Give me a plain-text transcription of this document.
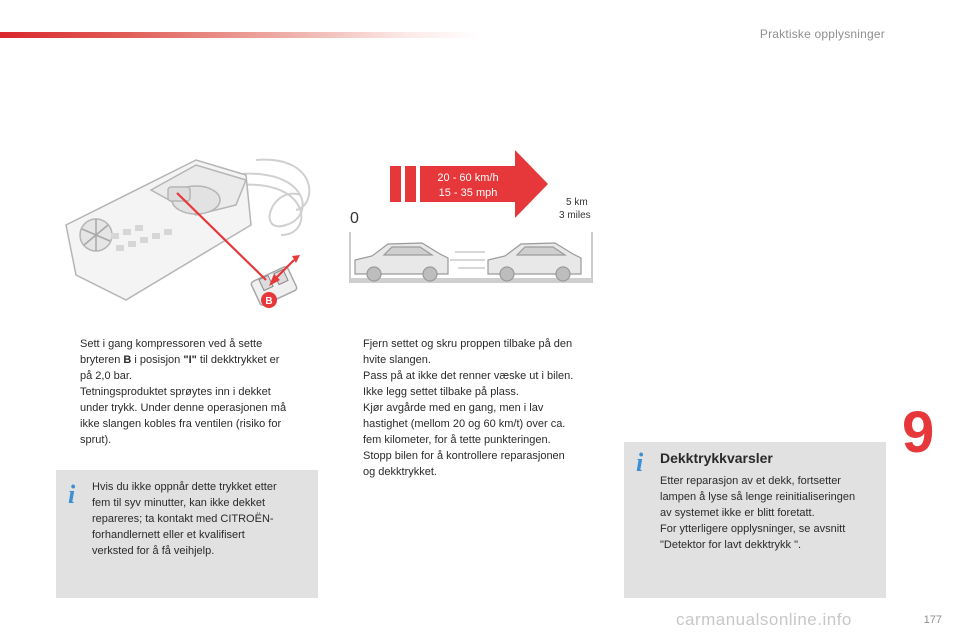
Praktiske opplysninger
B
20 - 60 km/h
15 - 35 mph
0
5 km
3 miles
Sett i gang kompressoren ved å sette
bryteren B i posisjon "I" til dekktrykket er
på 2,0 bar.
Tetningsproduktet sprøytes inn i dekket
under trykk. Under denne operasjonen må
ikke slangen kobles fra ventilen (risiko for
sprut).
i Hvis du ikke oppnår dette trykket etter
fem til syv minutter, kan ikke dekket
repareres; ta kontakt med CITROËN-
forhandlernett eller et kvalifisert
verksted for å få veihjelp.
Fjern settet og skru proppen tilbake på den
hvite slangen.
Pass på at ikke det renner væske ut i bilen.
Ikke legg settet tilbake på plass.
Kjør avgårde med en gang, men i lav
hastighet (mellom 20 og 60 km/t) over ca.
fem kilometer, for å tette punkteringen.
Stopp bilen for å kontrollere reparasjonen
og dekktrykket.
9
i Dekktrykkvarsler
Etter reparasjon av et dekk, fortsetter
lampen å lyse så lenge reinitialiseringen
av systemet ikke er blitt foretatt.
For ytterligere opplysninger, se avsnitt
"Detektor for lavt dekktrykk ".
carmanualsonline.info	177
